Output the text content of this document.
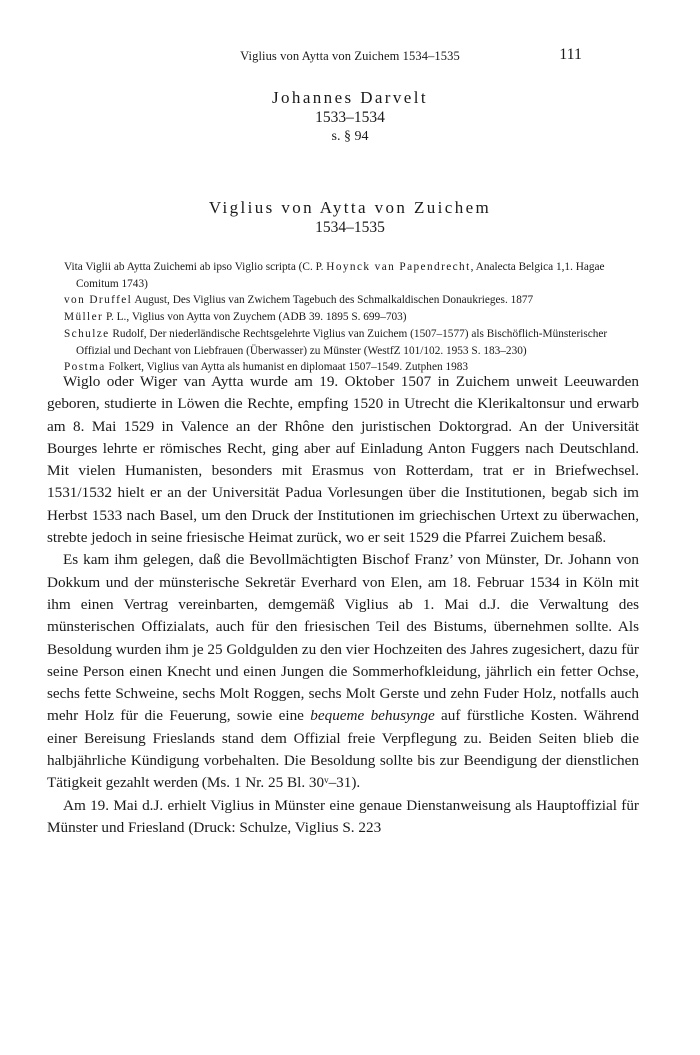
Viglius von Aytta von Zuichem 1534–1535	111
Johannes Darvelt
1533–1534
s. § 94
Viglius von Aytta von Zuichem
1534–1535
Vita Viglii ab Aytta Zuichemi ab ipso Viglio scripta (C. P. Hoynck van Papendrecht, Analecta Belgica 1,1. Hagae Comitum 1743)
von Druffel August, Des Viglius van Zwichem Tagebuch des Schmalkaldischen Donaukrieges. 1877
Müller P. L., Viglius von Aytta von Zuychem (ADB 39. 1895 S. 699–703)
Schulze Rudolf, Der niederländische Rechtsgelehrte Viglius van Zuichem (1507–1577) als Bischöflich-Münsterischer Offizial und Dechant von Liebfrauen (Überwasser) zu Münster (WestfZ 101/102. 1953 S. 183–230)
Postma Folkert, Viglius van Aytta als humanist en diplomaat 1507–1549. Zutphen 1983

Wiglo oder Wiger van Aytta wurde am 19. Oktober 1507 in Zuichem unweit Leeuwarden geboren, studierte in Löwen die Rechte, empfing 1520 in Utrecht die Klerikaltonsur und erwarb am 8. Mai 1529 in Valence an der Rhône den juristischen Doktorgrad. An der Universität Bourges lehrte er römisches Recht, ging aber auf Einladung Anton Fuggers nach Deutschland. Mit vielen Humanisten, besonders mit Erasmus von Rotterdam, trat er in Briefwechsel. 1531/1532 hielt er an der Universität Padua Vorlesungen über die Institutionen, begab sich im Herbst 1533 nach Basel, um den Druck der Institutionen im griechischen Urtext zu überwachen, strebte jedoch in seine friesische Heimat zurück, wo er seit 1529 die Pfarrei Zuichem besaß.

Es kam ihm gelegen, daß die Bevollmächtigten Bischof Franz’ von Münster, Dr. Johann von Dokkum und der münsterische Sekretär Everhard von Elen, am 18. Februar 1534 in Köln mit ihm einen Vertrag vereinbarten, demgemäß Viglius ab 1. Mai d.J. die Verwaltung des münsterischen Offizialats, auch für den friesischen Teil des Bistums, übernehmen sollte. Als Besoldung wurden ihm je 25 Goldgulden zu den vier Hochzeiten des Jahres zugesichert, dazu für seine Person einen Knecht und einen Jungen die Sommerhofkleidung, jährlich ein fetter Ochse, sechs fette Schweine, sechs Molt Roggen, sechs Molt Gerste und zehn Fuder Holz, notfalls auch mehr Holz für die Feuerung, sowie eine bequeme behusynge auf fürstliche Kosten. Während einer Bereisung Frieslands stand dem Offizial freie Verpflegung zu. Beiden Seiten blieb die halbjährliche Kündigung vorbehalten. Die Besoldung sollte bis zur Beendigung der dienstlichen Tätigkeit gezahlt werden (Ms. 1 Nr. 25 Bl. 30ᵛ–31).

Am 19. Mai d.J. erhielt Viglius in Münster eine genaue Dienstanweisung als Hauptoffizial für Münster und Friesland (Druck: Schulze, Viglius S. 223
